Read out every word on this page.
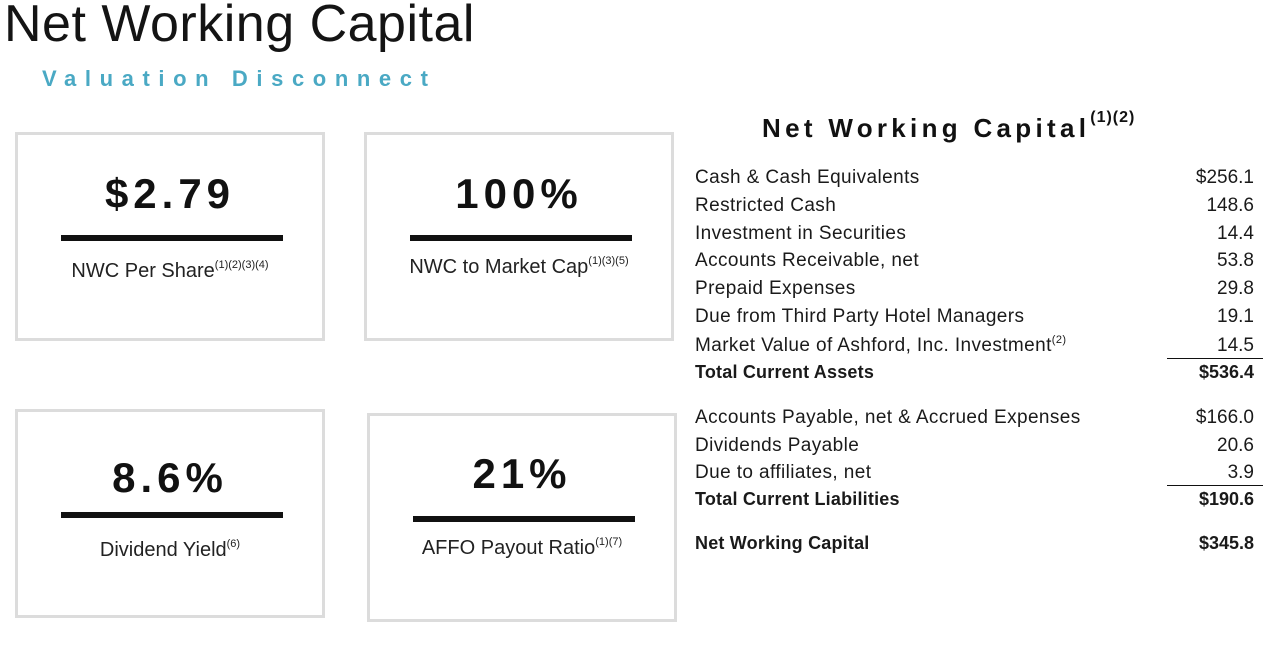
Net Working Capital
Valuation Disconnect
$2.79
NWC Per Share$^{(1)(2)(3)(4)}$
100%
NWC to Market Cap$^{(1)(3)(5)}$
8.6%
Dividend Yield$^{(6)}$
21%
AFFO Payout Ratio$^{(1)(7)}$
Net Working Capital$^{(1)(2)}$
Cash & Cash Equivalents	$256.1
Restricted Cash	148.6
Investment in Securities	14.4
Accounts Receivable, net	53.8
Prepaid Expenses	29.8
Due from Third Party Hotel Managers	19.1
Market Value of Ashford, Inc. Investment$^{(2)}$	14.5
Total Current Assets	$536.4
Accounts Payable, net & Accrued Expenses	$166.0
Dividends Payable	20.6
Due to affiliates, net	3.9
Total Current Liabilities	$190.6
Net Working Capital	$345.8
